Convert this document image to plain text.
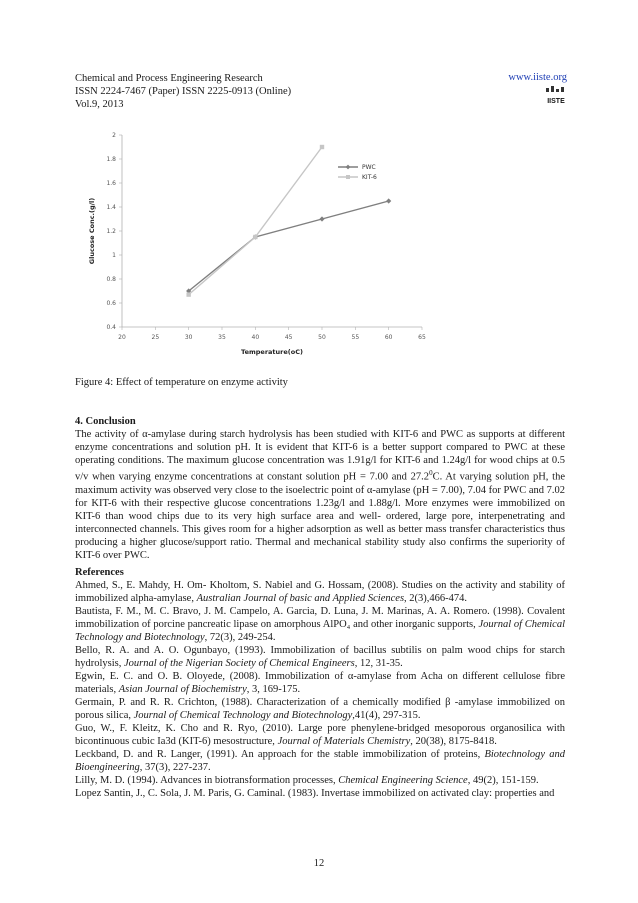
Chemical and Process Engineering Research
ISSN 2224-7467 (Paper) ISSN 2225-0913 (Online)
Vol.9, 2013
www.iiste.org
IISTE
20	25	30	35	40	45	50	55	60	65
0.4
0.6
0.8
1
1.2
1.4
1.6
1.8
2
Temperature(oC)
Glucose Conc.(g/l)
PWC
KIT-6
Figure 4: Effect of temperature on enzyme activity
4. Conclusion
The activity of α-amylase during starch hydrolysis has been studied with KIT-6 and PWC as supports at different enzyme concentrations and solution pH. It is evident that KIT-6 is a better support compared to PWC at these operating conditions. The maximum glucose concentration was 1.91g/l for KIT-6 and 1.24g/l for wood chips at 0.5 v/v when varying enzyme concentrations at constant solution pH = 7.00 and 27.2$^0$C. At varying solution pH, the maximum activity was observed very close to the isoelectric point of α-amylase (pH = 7.00), 7.04 for PWC and 7.02 for KIT-6 with their respective glucose concentrations 1.23g/l and 1.88g/l. More enzymes were immobilized on KIT-6 than wood chips due to its very high surface area and well- ordered, large pore, interpenetrating and interconnected channels. This gives room for a higher adsorption as well as better mass transfer characteristics thus producing a higher glucose/support ratio. Thermal and mechanical stability study also confirms the superiority of KIT-6 over PWC.
References

Ahmed, S., E. Mahdy, H. Om- Kholtom, S. Nabiel and G. Hossam, (2008). Studies on the activity and stability of immobilized alpha-amylase, Australian Journal of basic and Applied Sciences, 2(3),466-474.

Bautista, F. M., M. C. Bravo, J. M. Campelo, A. Garcia, D. Luna, J. M. Marinas, A. A. Romero. (1998). Covalent immobilization of porcine pancreatic lipase on amorphous AlPO₄ and other inorganic supports, Journal of Chemical Technology and Biotechnology, 72(3), 249-254.

Bello, R. A. and A. O. Ogunbayo, (1993). Immobilization of bacillus subtilis on palm wood chips for starch hydrolysis, Journal of the Nigerian Society of Chemical Engineers, 12, 31-35.

Egwin, E. C. and O. B. Oloyede, (2008). Immobilization of α-amylase from Acha on different cellulose fibre materials, Asian Journal of Biochemistry, 3, 169-175.

Germain, P. and R. R. Crichton, (1988). Characterization of a chemically modified β -amylase immobilized on porous silica, Journal of Chemical Technology and Biotechnology,41(4), 297-315.

Guo, W., F. Kleitz, K. Cho and R. Ryo, (2010). Large pore phenylene-bridged mesoporous organosilica with bicontinuous cubic Ia3d (KIT-6) mesostructure, Journal of Materials Chemistry, 20(38), 8175-8418.

Leckband, D. and R. Langer, (1991). An approach for the stable immobilization of proteins, Biotechnology and Bioengineering, 37(3), 227-237.

Lilly, M. D. (1994). Advances in biotransformation processes, Chemical Engineering Science, 49(2), 151-159.

Lopez Santin, J., C. Sola, J. M. Paris, G. Caminal. (1983). Invertase immobilized on activated clay: properties and

12
